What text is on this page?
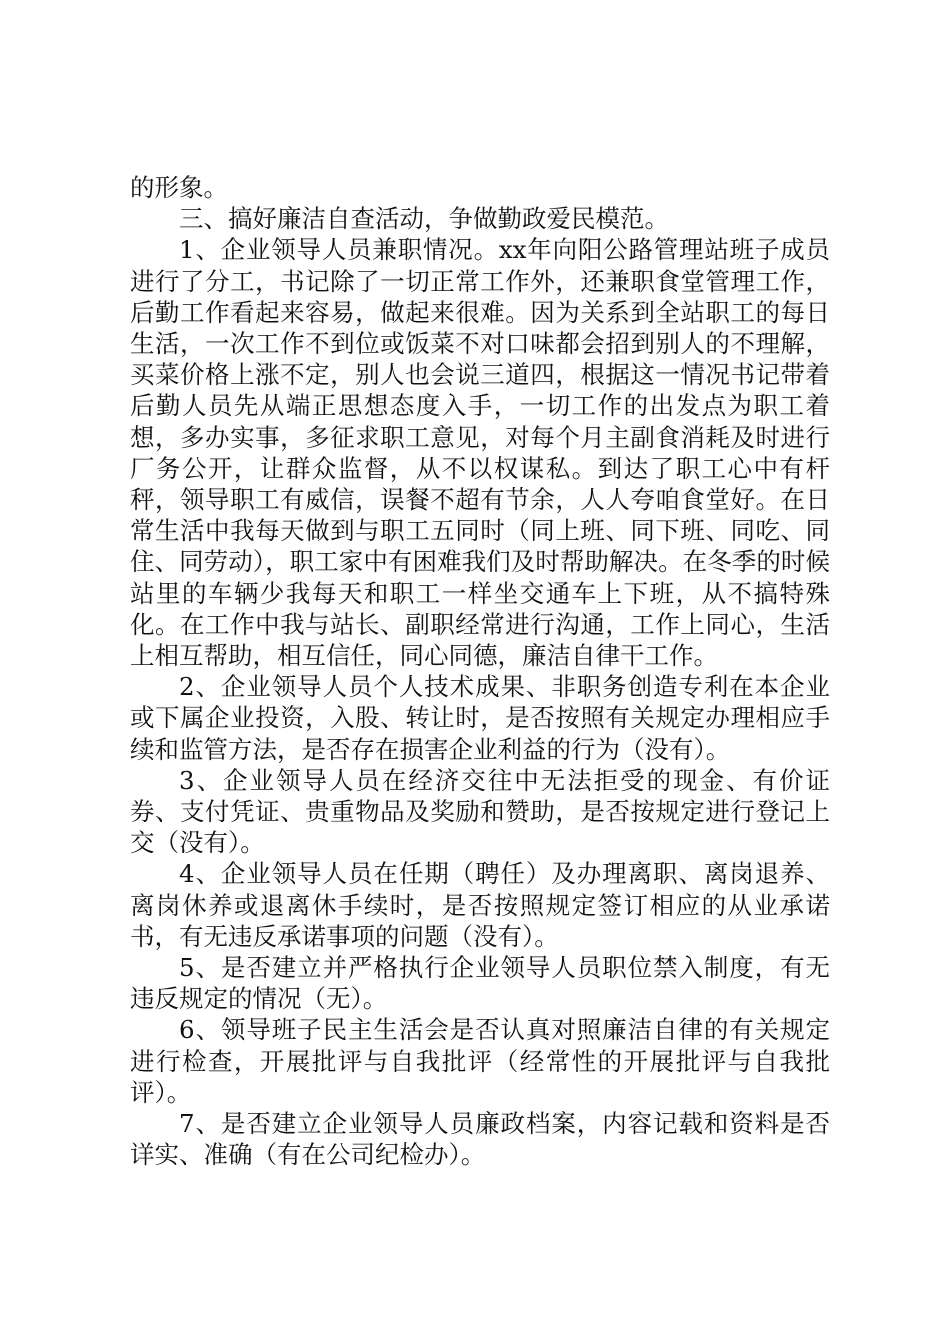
的形象。

三、搞好廉洁自查活动，争做勤政爱民模范。

1、企业领导人员兼职情况。xx年向阳公路管理站班子成员进行了分工，书记除了一切正常工作外，还兼职食堂管理工作，后勤工作看起来容易，做起来很难。因为关系到全站职工的每日生活，一次工作不到位或饭菜不对口味都会招到别人的不理解，买菜价格上涨不定，别人也会说三道四，根据这一情况书记带着后勤人员先从端正思想态度入手，一切工作的出发点为职工着想，多办实事，多征求职工意见，对每个月主副食消耗及时进行厂务公开，让群众监督，从不以权谋私。到达了职工心中有杆秤，领导职工有威信，误餐不超有节余，人人夸咱食堂好。在日常生活中我每天做到与职工五同时（同上班、同下班、同吃、同住、同劳动），职工家中有困难我们及时帮助解决。在冬季的时候站里的车辆少我每天和职工一样坐交通车上下班，从不搞特殊化。在工作中我与站长、副职经常进行沟通，工作上同心，生活上相互帮助，相互信任，同心同德，廉洁自律干工作。

2、企业领导人员个人技术成果、非职务创造专利在本企业或下属企业投资，入股、转让时，是否按照有关规定办理相应手续和监管方法，是否存在损害企业利益的行为（没有）。

3、企业领导人员在经济交往中无法拒受的现金、有价证券、支付凭证、贵重物品及奖励和赞助，是否按规定进行登记上交（没有）。

4、企业领导人员在任期（聘任）及办理离职、离岗退养、离岗休养或退离休手续时，是否按照规定签订相应的从业承诺书，有无违反承诺事项的问题（没有）。

5、是否建立并严格执行企业领导人员职位禁入制度，有无违反规定的情况（无）。

6、领导班子民主生活会是否认真对照廉洁自律的有关规定进行检查，开展批评与自我批评（经常性的开展批评与自我批评）。

7、是否建立企业领导人员廉政档案，内容记载和资料是否详实、准确（有在公司纪检办）。
